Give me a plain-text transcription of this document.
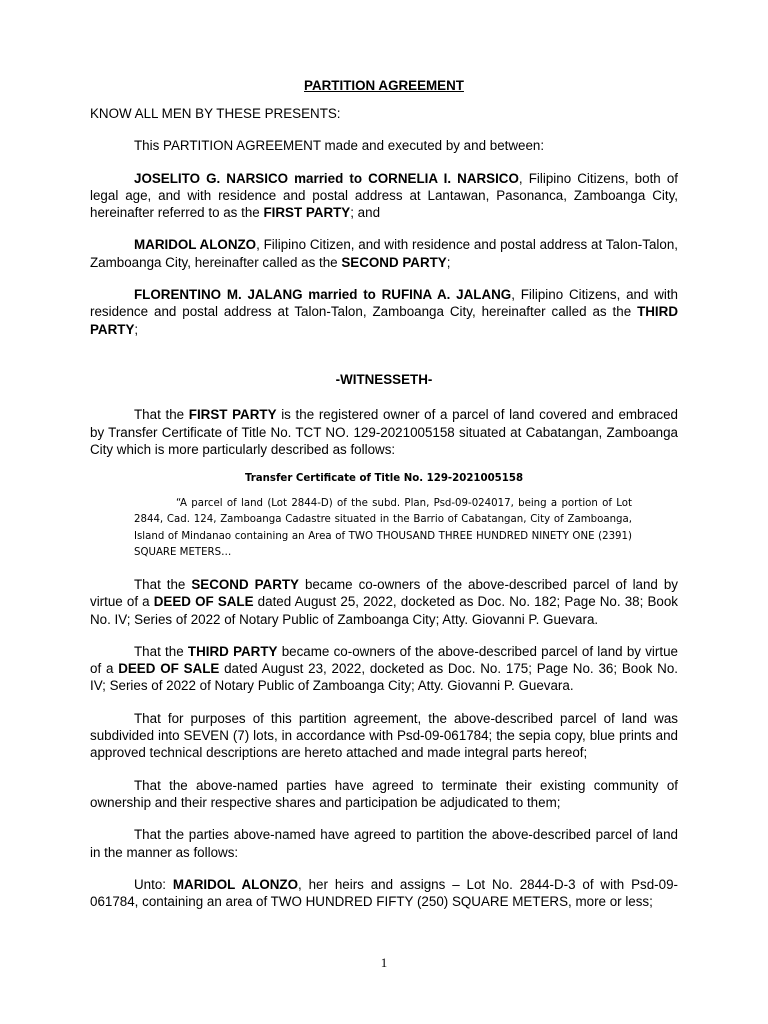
PARTITION AGREEMENT

KNOW ALL MEN BY THESE PRESENTS:

This PARTITION AGREEMENT made and executed by and between:

JOSELITO G. NARSICO married to CORNELIA I. NARSICO, Filipino Citizens, both of legal age, and with residence and postal address at Lantawan, Pasonanca, Zamboanga City, hereinafter referred to as the FIRST PARTY; and

MARIDOL ALONZO, Filipino Citizen, and with residence and postal address at Talon-Talon, Zamboanga City, hereinafter called as the SECOND PARTY;

FLORENTINO M. JALANG married to RUFINA A. JALANG, Filipino Citizens, and with residence and postal address at Talon-Talon, Zamboanga City, hereinafter called as the THIRD PARTY;

-WITNESSETH-

That the FIRST PARTY is the registered owner of a parcel of land covered and embraced by Transfer Certificate of Title No. TCT NO. 129-2021005158 situated at Cabatangan, Zamboanga City which is more particularly described as follows:

Transfer Certificate of Title No. 129-2021005158

“A parcel of land (Lot 2844-D) of the subd. Plan, Psd-09-024017, being a portion of Lot 2844, Cad. 124, Zamboanga Cadastre situated in the Barrio of Cabatangan, City of Zamboanga, Island of Mindanao containing an Area of TWO THOUSAND THREE HUNDRED NINETY ONE (2391) SQUARE METERS…

That the SECOND PARTY became co-owners of the above-described parcel of land by virtue of a DEED OF SALE dated August 25, 2022, docketed as Doc. No. 182; Page No. 38; Book No. IV; Series of 2022 of Notary Public of Zamboanga City; Atty. Giovanni P. Guevara.

That the THIRD PARTY became co-owners of the above-described parcel of land by virtue of a DEED OF SALE dated August 23, 2022, docketed as Doc. No. 175; Page No. 36; Book No. IV; Series of 2022 of Notary Public of Zamboanga City; Atty. Giovanni P. Guevara.

That for purposes of this partition agreement, the above-described parcel of land was subdivided into SEVEN (7) lots, in accordance with Psd-09-061784; the sepia copy, blue prints and approved technical descriptions are hereto attached and made integral parts hereof;

That the above-named parties have agreed to terminate their existing community of ownership and their respective shares and participation be adjudicated to them;

That the parties above-named have agreed to partition the above-described parcel of land in the manner as follows:

Unto: MARIDOL ALONZO, her heirs and assigns – Lot No. 2844-D-3 of with Psd-09-061784, containing an area of TWO HUNDRED FIFTY (250) SQUARE METERS, more or less;

1
